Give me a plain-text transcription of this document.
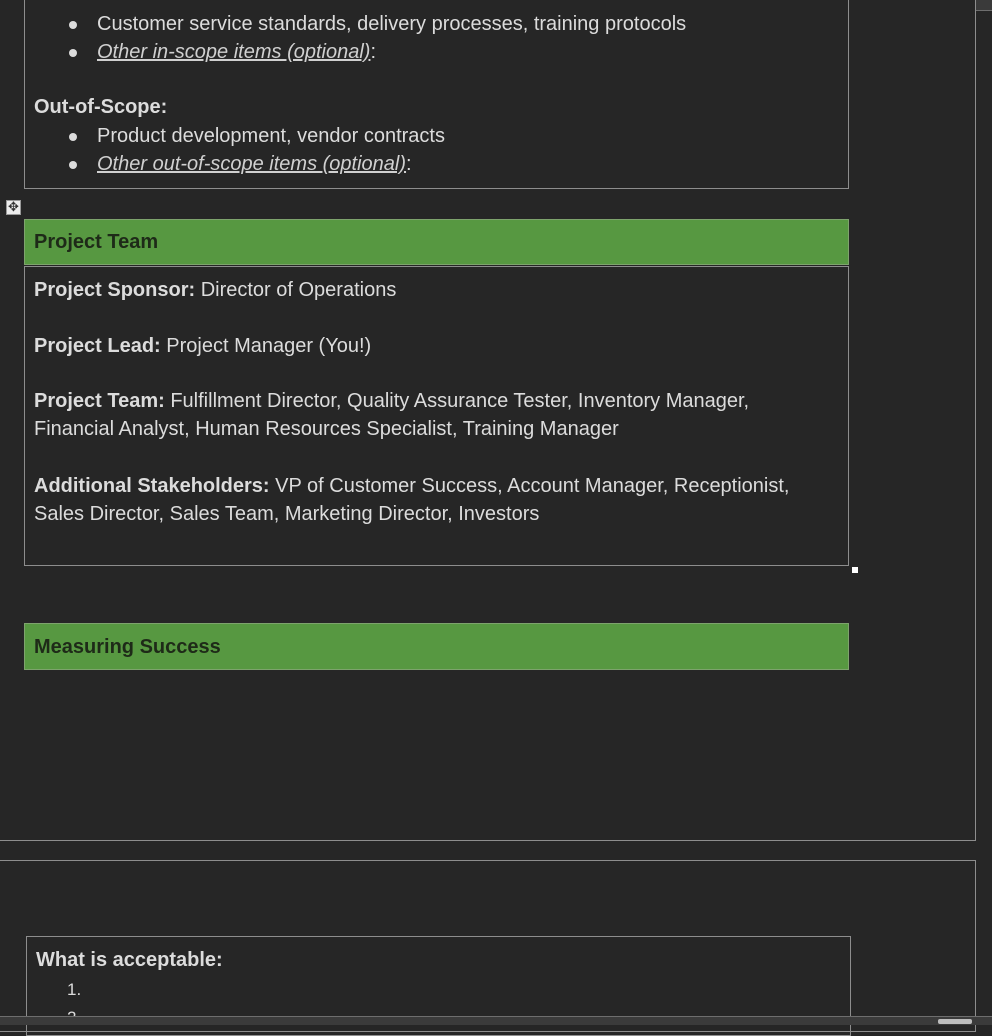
Customer service standards, delivery processes, training protocols
Other in-scope items (optional):
Out-of-Scope:
Product development, vendor contracts
Other out-of-scope items (optional):
✥
Project Team
Project Sponsor: Director of Operations
Project Lead: Project Manager (You!)
Project Team: Fulfillment Director, Quality Assurance Tester, Inventory Manager,
Financial Analyst, Human Resources Specialist, Training Manager
Additional Stakeholders: VP of Customer Success, Account Manager, Receptionist,
Sales Director, Sales Team, Marketing Director, Investors
Measuring Success
What is acceptable:
1.
